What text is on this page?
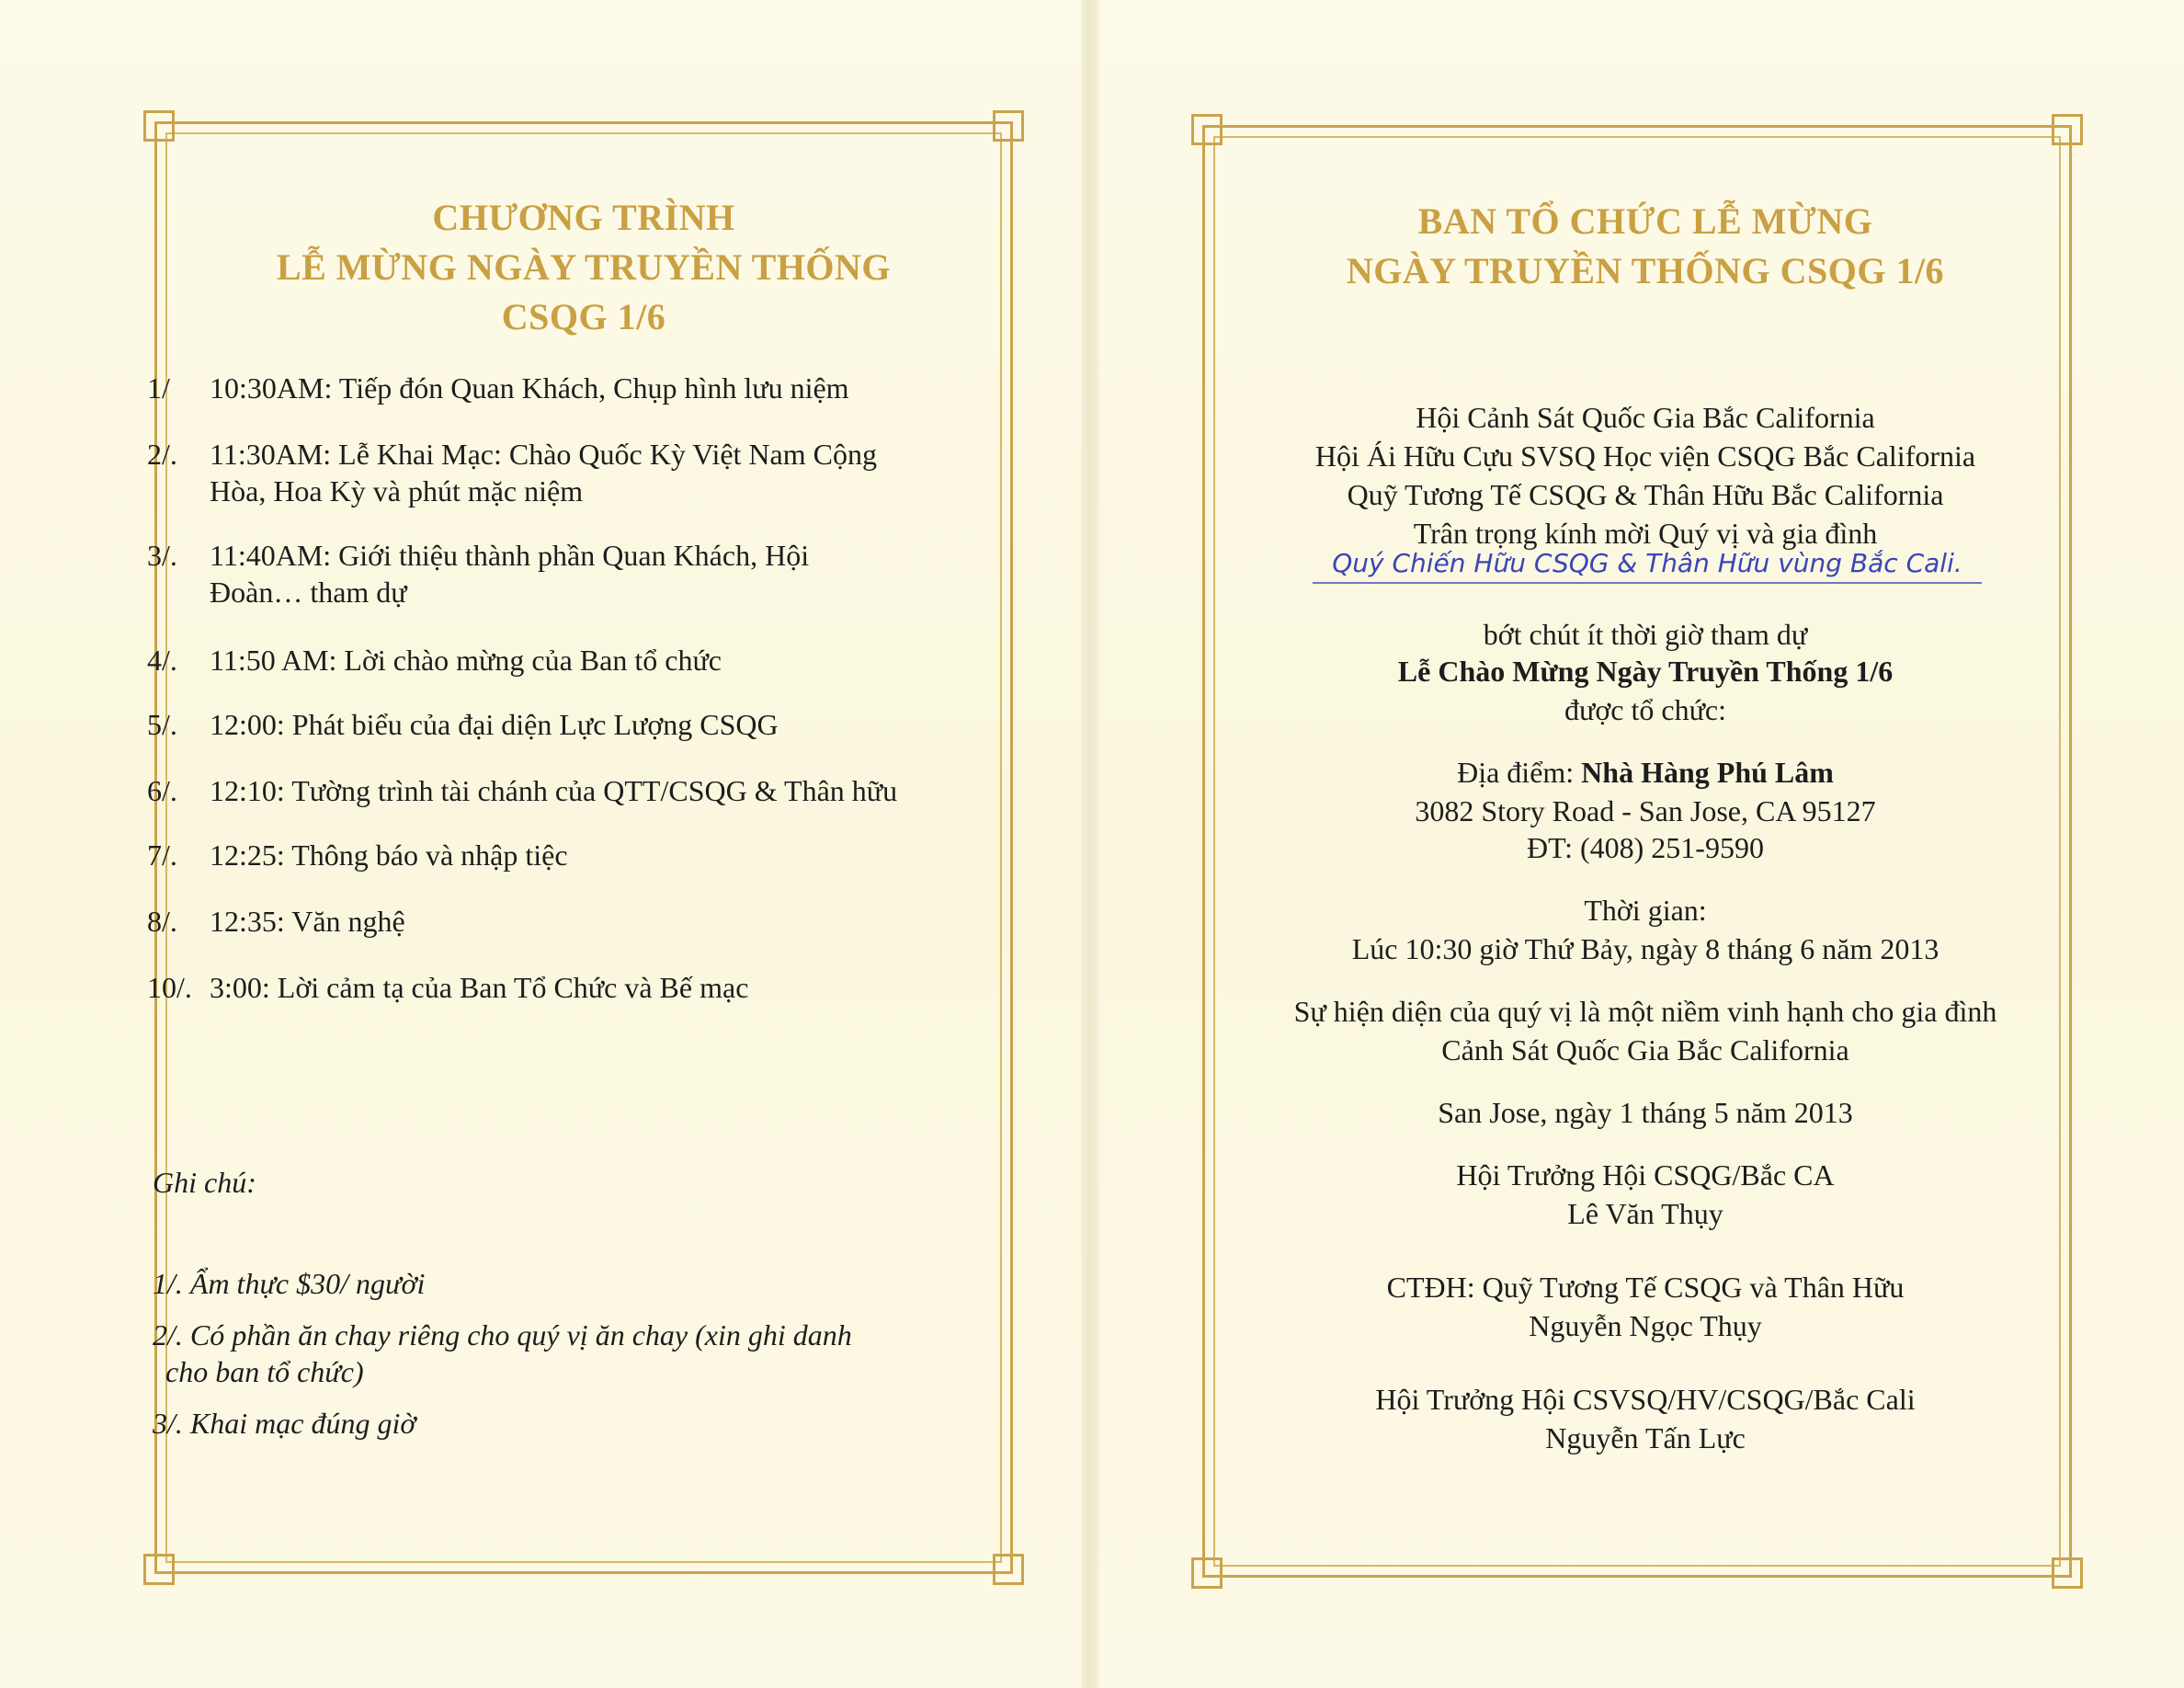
CHƯƠNG TRÌNH
LỄ MỪNG NGÀY TRUYỀN THỐNG
CSQG 1/6
1/ 10:30AM: Tiếp đón Quan Khách, Chụp hình lưu niệm
2/. 11:30AM: Lễ Khai Mạc: Chào Quốc Kỳ Việt Nam Cộng
Hòa, Hoa Kỳ và phút mặc niệm
3/. 11:40AM: Giới thiệu thành phần Quan Khách, Hội
Đoàn… tham dự
4/. 11:50 AM: Lời chào mừng của Ban tổ chức
5/. 12:00: Phát biểu của đại diện Lực Lượng CSQG
6/. 12:10: Tường trình tài chánh của QTT/CSQG & Thân hữu
7/. 12:25: Thông báo và nhập tiệc
8/. 12:35: Văn nghệ
10/. 3:00: Lời cảm tạ của Ban Tổ Chức và Bế mạc
Ghi chú:
1/. Ẩm thực $30/ người
2/. Có phần ăn chay riêng cho quý vị ăn chay (xin ghi danh
cho ban tổ chức)
3/. Khai mạc đúng giờ
BAN TỔ CHỨC LỄ MỪNG
NGÀY TRUYỀN THỐNG CSQG 1/6
Hội Cảnh Sát Quốc Gia Bắc California
Hội Ái Hữu Cựu SVSQ Học viện CSQG Bắc California
Quỹ Tương Tế CSQG & Thân Hữu Bắc California
Trân trọng kính mời Quý vị và gia đình
Quý Chiến Hữu CSQG & Thân Hữu vùng Bắc Cali.
bớt chút ít thời giờ tham dự
Lễ Chào Mừng Ngày Truyền Thống 1/6
được tổ chức:
Địa điểm: Nhà Hàng Phú Lâm
3082 Story Road - San Jose, CA 95127
ĐT: (408) 251-9590
Thời gian:
Lúc 10:30 giờ Thứ Bảy, ngày 8 tháng 6 năm 2013
Sự hiện diện của quý vị là một niềm vinh hạnh cho gia đình
Cảnh Sát Quốc Gia Bắc California
San Jose, ngày 1 tháng 5 năm 2013
Hội Trưởng Hội CSQG/Bắc CA
Lê Văn Thụy
CTĐH: Quỹ Tương Tế CSQG và Thân Hữu
Nguyễn Ngọc Thụy
Hội Trưởng Hội CSVSQ/HV/CSQG/Bắc Cali
Nguyễn Tấn Lực
